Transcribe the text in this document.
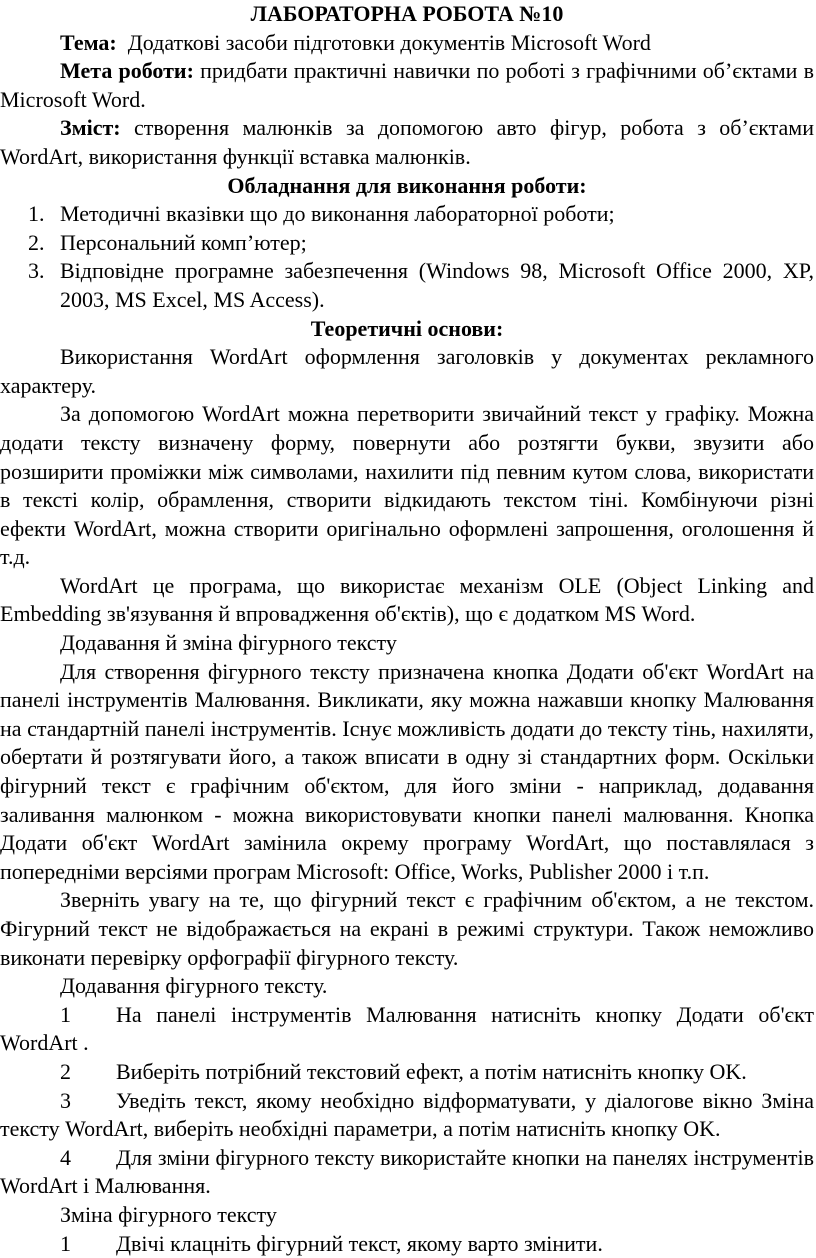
ЛАБОРАТОРНА РОБОТА №10

Тема: Додаткові засоби підготовки документів Microsoft Word

Мета роботи: придбати практичні навички по роботі з графічними об’єктами в Microsoft Word.

Зміст: створення малюнків за допомогою авто фігур, робота з об’єктами WordArt, використання функції вставка малюнків.

Обладнання для виконання роботи:

1. Методичні вказівки що до виконання лабораторної роботи;
2. Персональний комп’ютер;
3. Відповідне програмне забезпечення (Windows 98, Microsoft Office 2000, XP, 2003, MS Excel, MS Access).

Теоретичні основи:

Використання WordArt оформлення заголовків у документах рекламного характеру.

За допомогою WordArt можна перетворити звичайний текст у графіку. Можна додати тексту визначену форму, повернути або розтягти букви, звузити або розширити проміжки між символами, нахилити під певним кутом слова, використати в тексті колір, обрамлення, створити відкидають текстом тіні. Комбінуючи різні ефекти WordArt, можна створити оригінально оформлені запрошення, оголошення й т.д.

WordArt це програма, що використає механізм OLE (Object Linking and Embedding зв'язування й впровадження об'єктів), що є додатком MS Word.

Додавання й зміна фігурного тексту

Для створення фігурного тексту призначена кнопка Додати об'єкт WordArt на панелі інструментів Малювання. Викликати, яку можна нажавши кнопку Малювання на стандартній панелі інструментів. Існує можливість додати до тексту тінь, нахиляти, обертати й розтягувати його, а також вписати в одну зі стандартних форм. Оскільки фігурний текст є графічним об'єктом, для його зміни - наприклад, додавання заливання малюнком - можна використовувати кнопки панелі малювання. Кнопка Додати об'єкт WordArt замінила окрему програму WordArt, що поставлялася з попередніми версіями програм Microsoft: Office, Works, Publisher 2000 і т.п.

Зверніть увагу на те, що фігурний текст є графічним об'єктом, а не текстом. Фігурний текст не відображається на екрані в режимі структури. Також неможливо виконати перевірку орфографії фігурного тексту.

Додавання фігурного тексту.

1 На панелі інструментів Малювання натисніть кнопку Додати об'єкт WordArt .

2 Виберіть потрібний текстовий ефект, а потім натисніть кнопку OK.

3 Уведіть текст, якому необхідно відформатувати, у діалогове вікно Зміна тексту WordArt, виберіть необхідні параметри, а потім натисніть кнопку OK.

4 Для зміни фігурного тексту використайте кнопки на панелях інструментів WordArt і Малювання.

Зміна фігурного тексту

1 Двічі клацніть фігурний текст, якому варто змінити.
